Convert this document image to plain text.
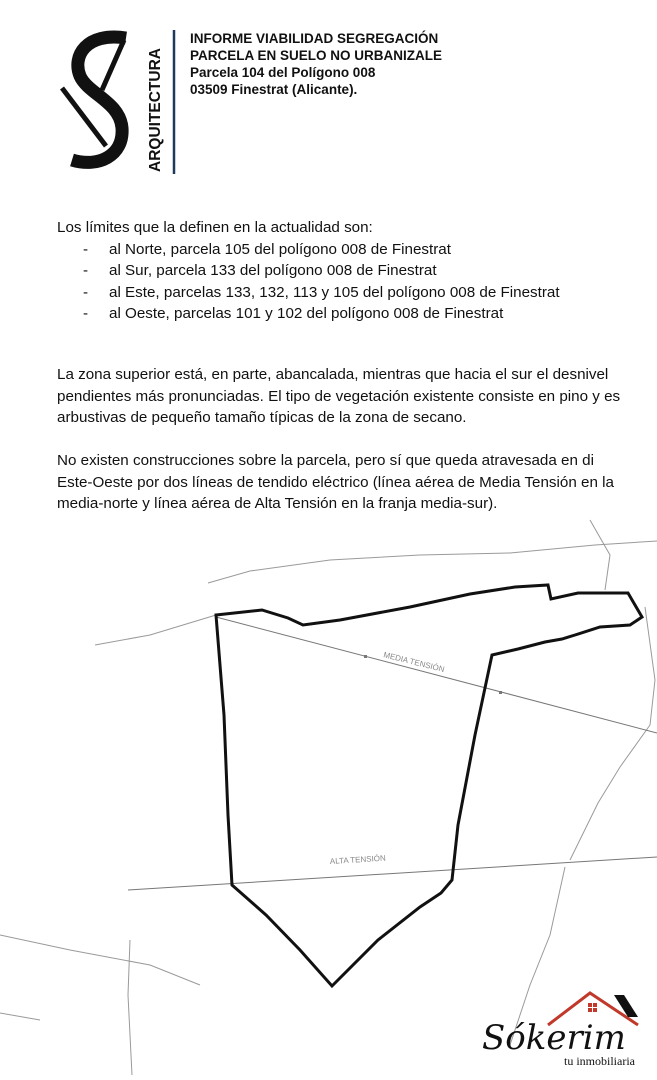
ARQUITECTURA
INFORME VIABILIDAD SEGREGACIÓN
PARCELA EN SUELO NO URBANIZALE
Parcela 104 del Polígono 008
03509 Finestrat (Alicante).
Los límites que la definen en la actualidad son:
- al Norte, parcela 105 del polígono 008 de Finestrat
- al Sur, parcela 133 del polígono 008 de Finestrat
- al Este, parcelas 133, 132, 113 y 105 del polígono 008 de Finestrat
- al Oeste, parcelas 101 y 102 del polígono 008 de Finestrat
La zona superior está, en parte, abancalada, mientras que hacia el sur el desnivel
pendientes más pronunciadas. El tipo de vegetación existente consiste en pino y es
arbustivas de pequeño tamaño típicas de la zona de secano.
No existen construcciones sobre la parcela, pero sí que queda atravesada en di
Este-Oeste por dos líneas de tendido eléctrico (línea aérea de Media Tensión en la
media-norte y línea aérea de Alta Tensión en la franja media-sur).
MEDIA TENSIÓN
ALTA TENSIÓN
Sókerim
tu inmobiliaria
